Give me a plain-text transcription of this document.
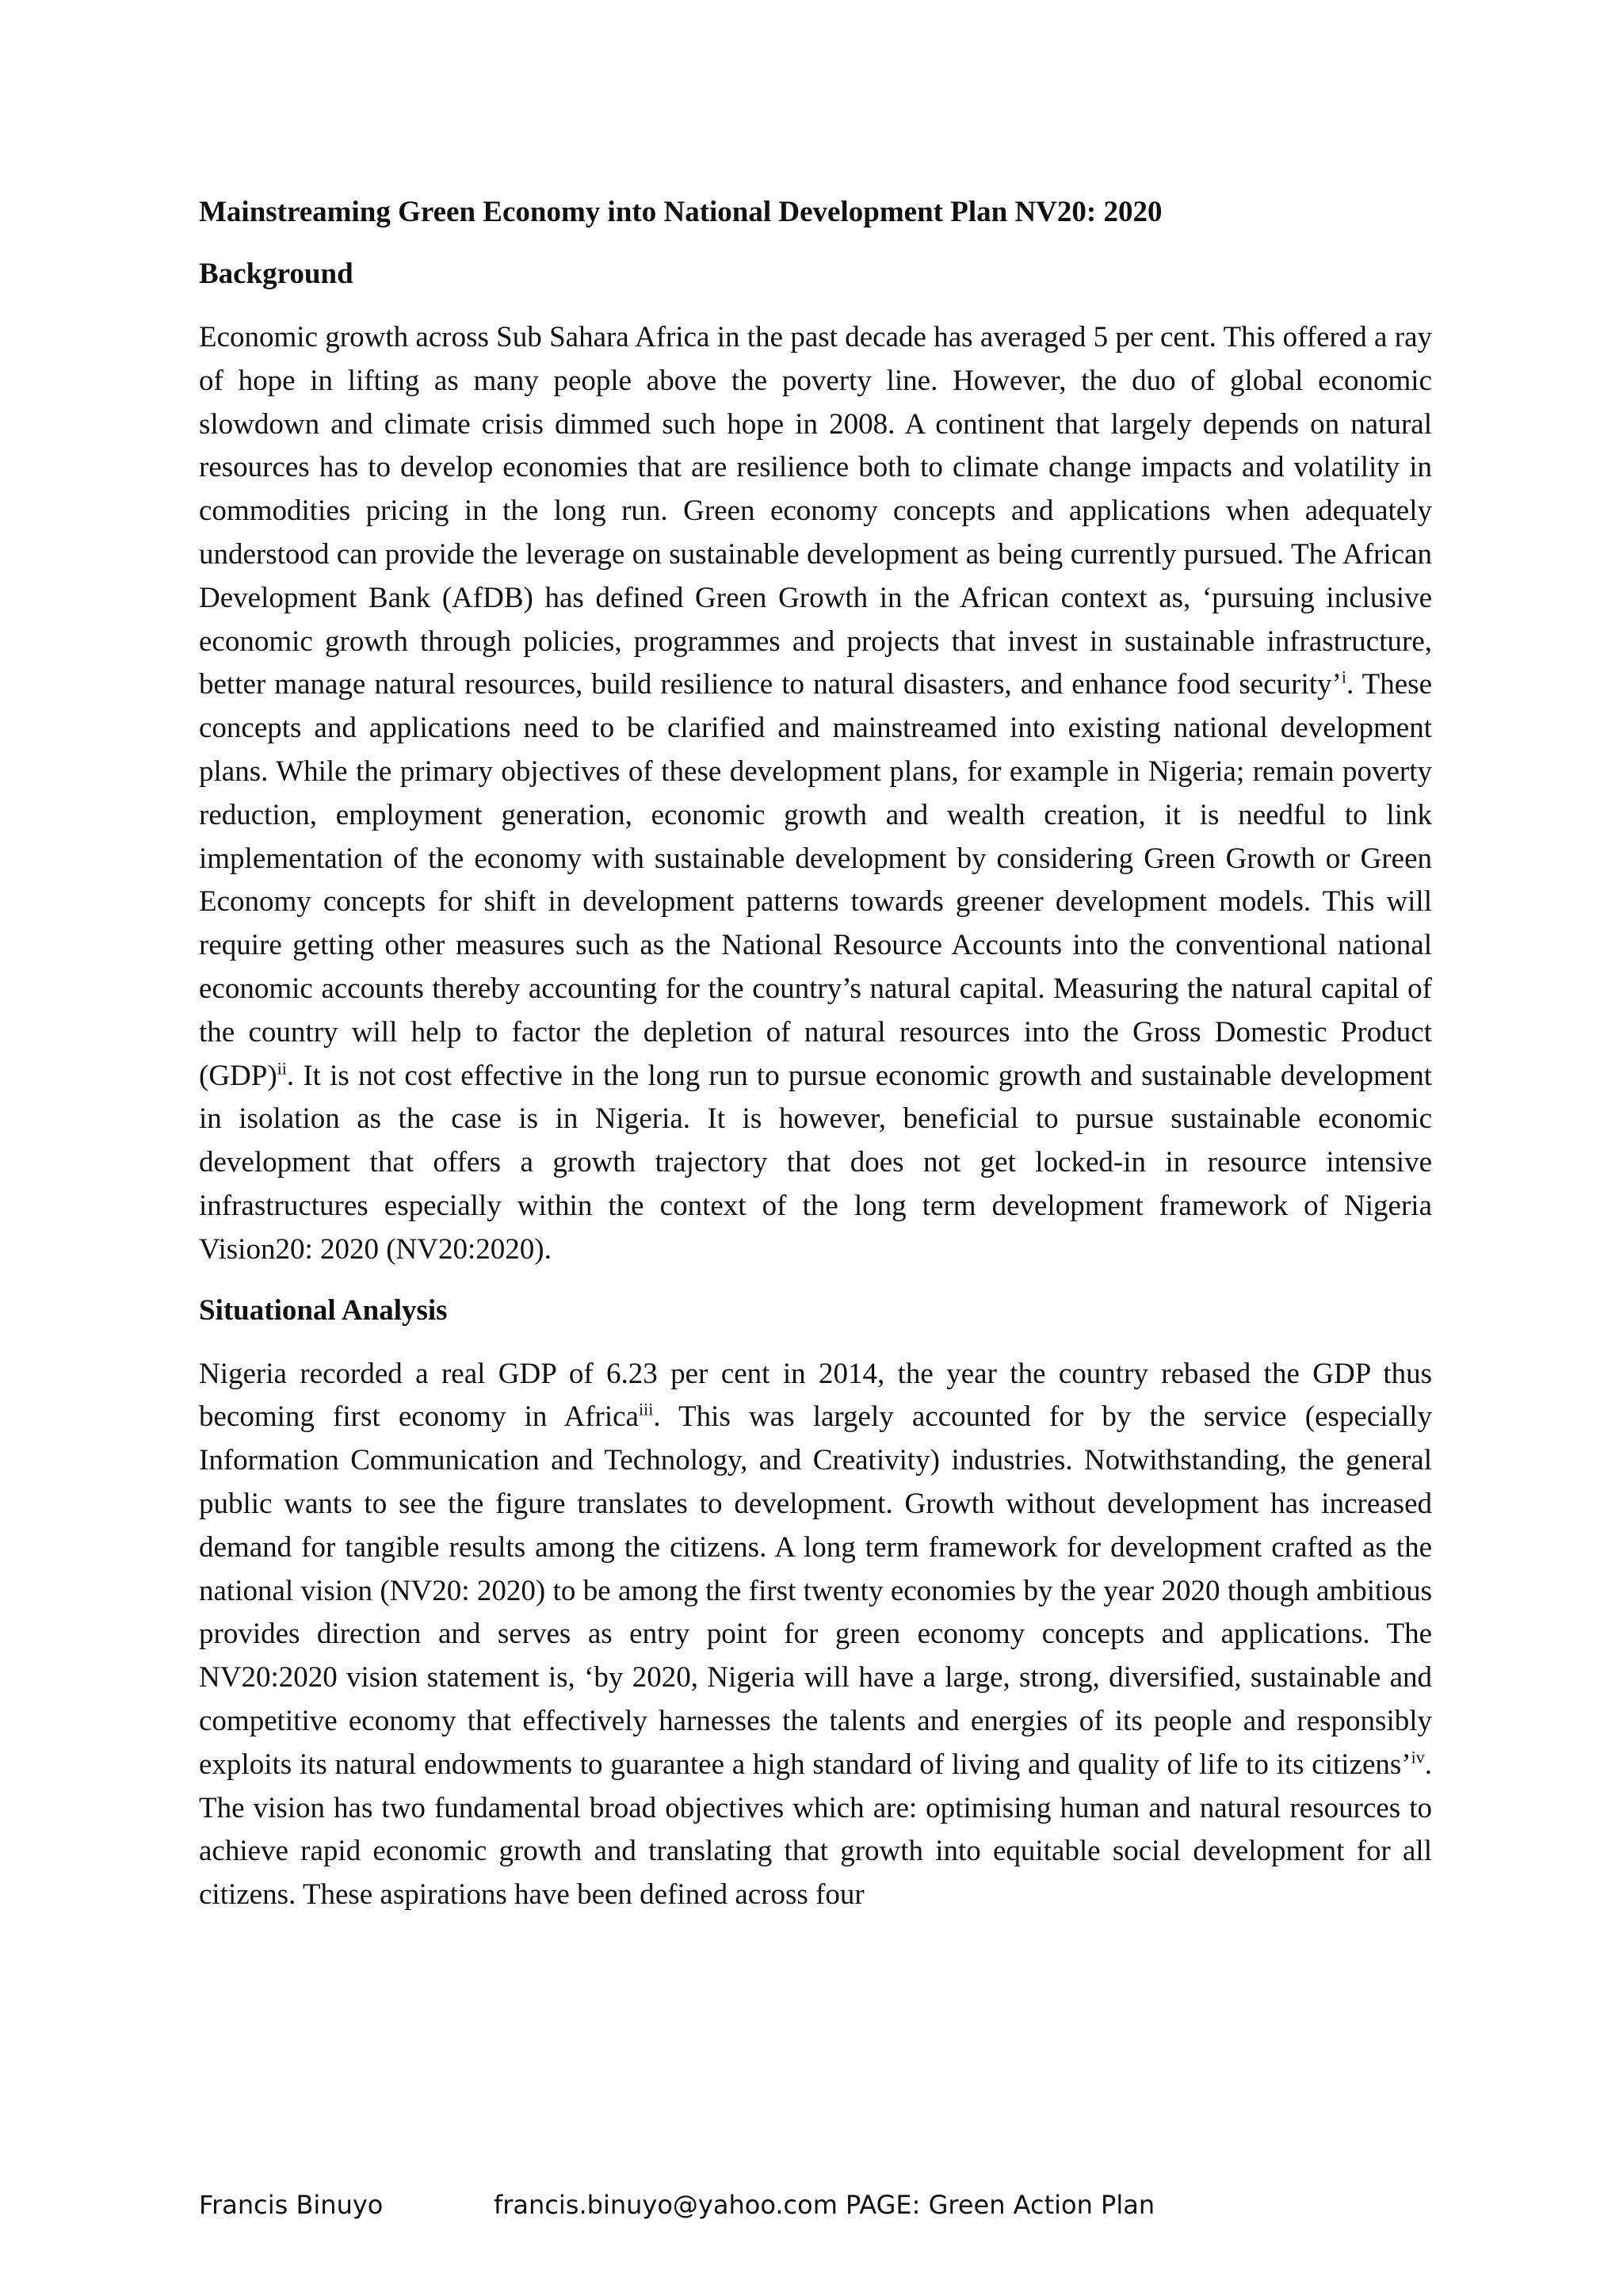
Mainstreaming Green Economy into National Development Plan NV20: 2020
Background

Economic growth across Sub Sahara Africa in the past decade has averaged 5 per cent. This offered a ray of hope in lifting as many people above the poverty line. However, the duo of global economic slowdown and climate crisis dimmed such hope in 2008. A continent that largely depends on natural resources has to develop economies that are resilience both to climate change impacts and volatility in commodities pricing in the long run. Green economy concepts and applications when adequately understood can provide the leverage on sustainable development as being currently pursued. The African Development Bank (AfDB) has defined Green Growth in the African context as, ‘pursuing inclusive economic growth through policies, programmes and projects that invest in sustainable infrastructure, better manage natural resources, build resilience to natural disasters, and enhance food security’$^i$. These concepts and applications need to be clarified and mainstreamed into existing national development plans. While the primary objectives of these development plans, for example in Nigeria; remain poverty reduction, employment generation, economic growth and wealth creation, it is needful to link implementation of the economy with sustainable development by considering Green Growth or Green Economy concepts for shift in development patterns towards greener development models. This will require getting other measures such as the National Resource Accounts into the conventional national economic accounts thereby accounting for the country’s natural capital. Measuring the natural capital of the country will help to factor the depletion of natural resources into the Gross Domestic Product (GDP)$^{ii}$. It is not cost effective in the long run to pursue economic growth and sustainable development in isolation as the case is in Nigeria. It is however, beneficial to pursue sustainable economic development that offers a growth trajectory that does not get locked-in in resource intensive infrastructures especially within the context of the long term development framework of Nigeria Vision20: 2020 (NV20:2020).

Situational Analysis

Nigeria recorded a real GDP of 6.23 per cent in 2014, the year the country rebased the GDP thus becoming first economy in Africa$^{iii}$. This was largely accounted for by the service (especially Information Communication and Technology, and Creativity) industries. Notwithstanding, the general public wants to see the figure translates to development. Growth without development has increased demand for tangible results among the citizens. A long term framework for development crafted as the national vision (NV20: 2020) to be among the first twenty economies by the year 2020 though ambitious provides direction and serves as entry point for green economy concepts and applications. The NV20:2020 vision statement is, ‘by 2020, Nigeria will have a large, strong, diversified, sustainable and competitive economy that effectively harnesses the talents and energies of its people and responsibly exploits its natural endowments to guarantee a high standard of living and quality of life to its citizens’$^{iv}$. The vision has two fundamental broad objectives which are: optimising human and natural resources to achieve rapid economic growth and translating that growth into equitable social development for all citizens. These aspirations have been defined across four

Francis Binuyo	francis.binuyo@yahoo.com PAGE: Green Action Plan
